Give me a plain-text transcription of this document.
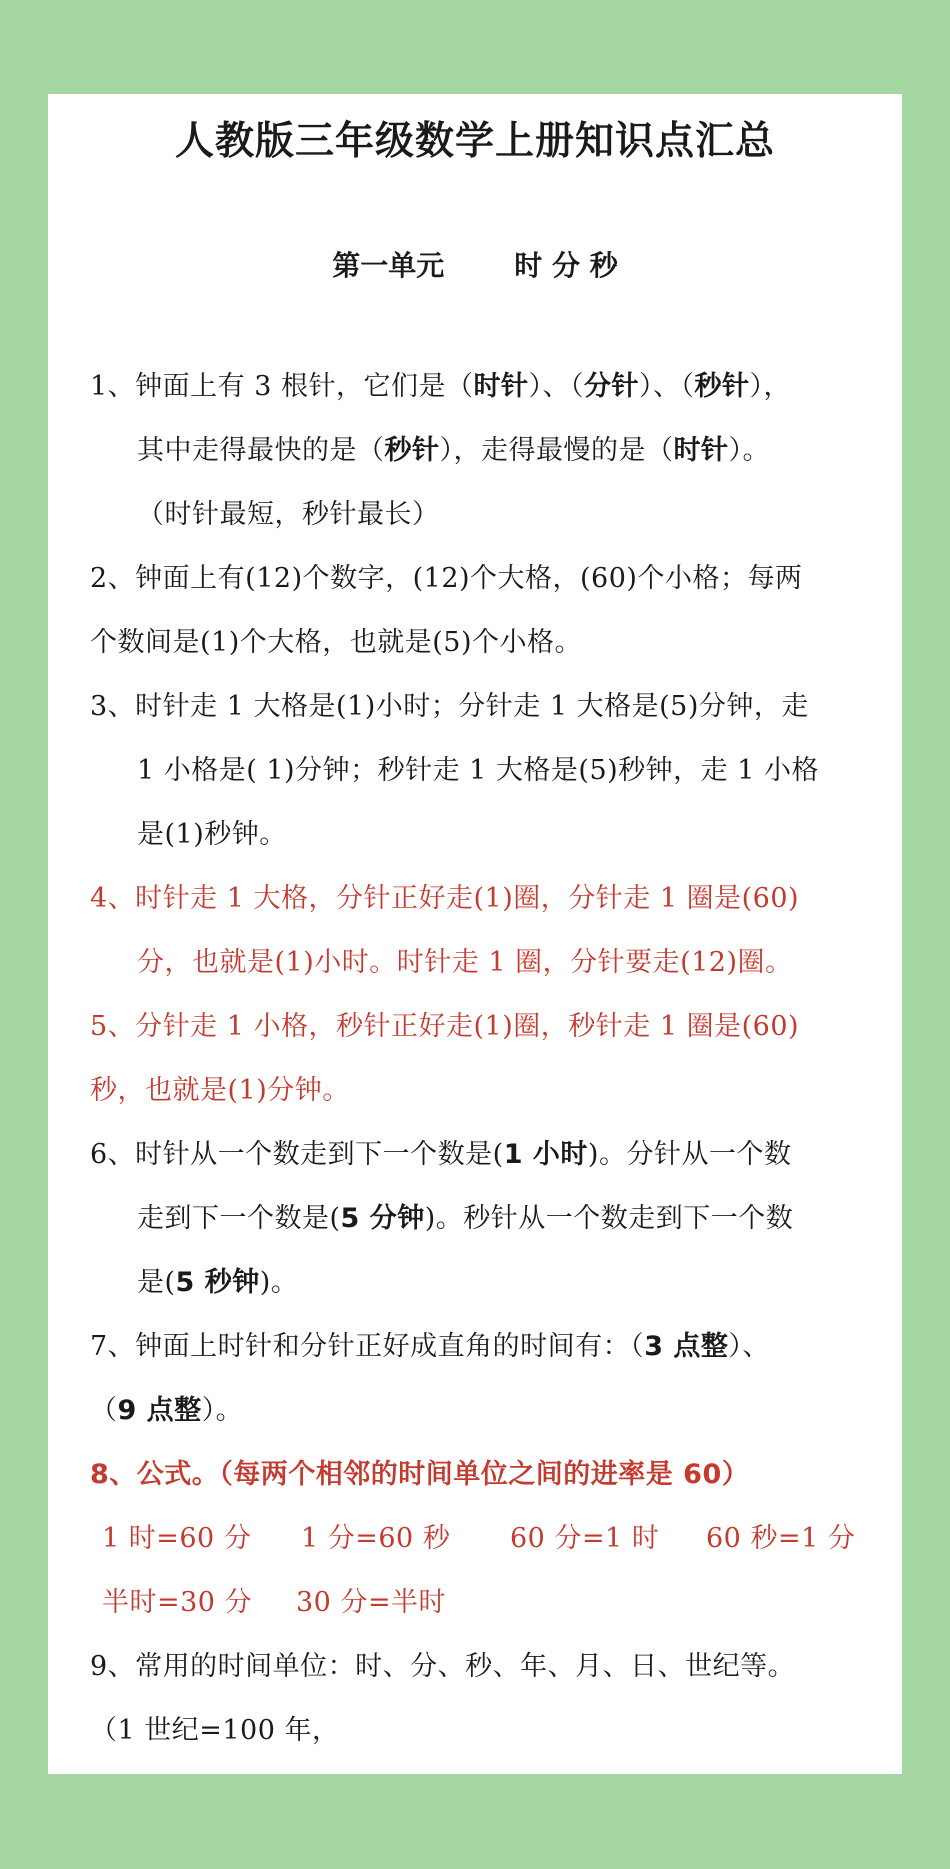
人教版三年级数学上册知识点汇总
第一单元	时 分 秒
1、钟面上有 3 根针，它们是（时针）、（分针）、（秒针），
其中走得最快的是（秒针），走得最慢的是（时针）。
（时针最短，秒针最长）
2、钟面上有(12)个数字，(12)个大格，(60)个小格；每两
个数间是(1)个大格，也就是(5)个小格。
3、时针走 1 大格是(1)小时；分针走 1 大格是(5)分钟，走
1 小格是( 1)分钟；秒针走 1 大格是(5)秒钟，走 1 小格
是(1)秒钟。
4、时针走 1 大格，分针正好走(1)圈，分针走 1 圈是(60)
分，也就是(1)小时。时针走 1 圈，分针要走(12)圈。
5、分针走 1 小格，秒针正好走(1)圈，秒针走 1 圈是(60)
秒，也就是(1)分钟。
6、时针从一个数走到下一个数是(1 小时)。分针从一个数
走到下一个数是(5 分钟)。秒针从一个数走到下一个数
是(5 秒钟)。
7、钟面上时针和分针正好成直角的时间有：（3 点整）、
（9 点整）。
8、公式。（每两个相邻的时间单位之间的进率是 60）
1 时=60 分 1 分=60 秒 60 分=1 时 60 秒=1 分
半时=30 分 30 分=半时
9、常用的时间单位：时、分、秒、年、月、日、世纪等。
（1 世纪=100 年，
